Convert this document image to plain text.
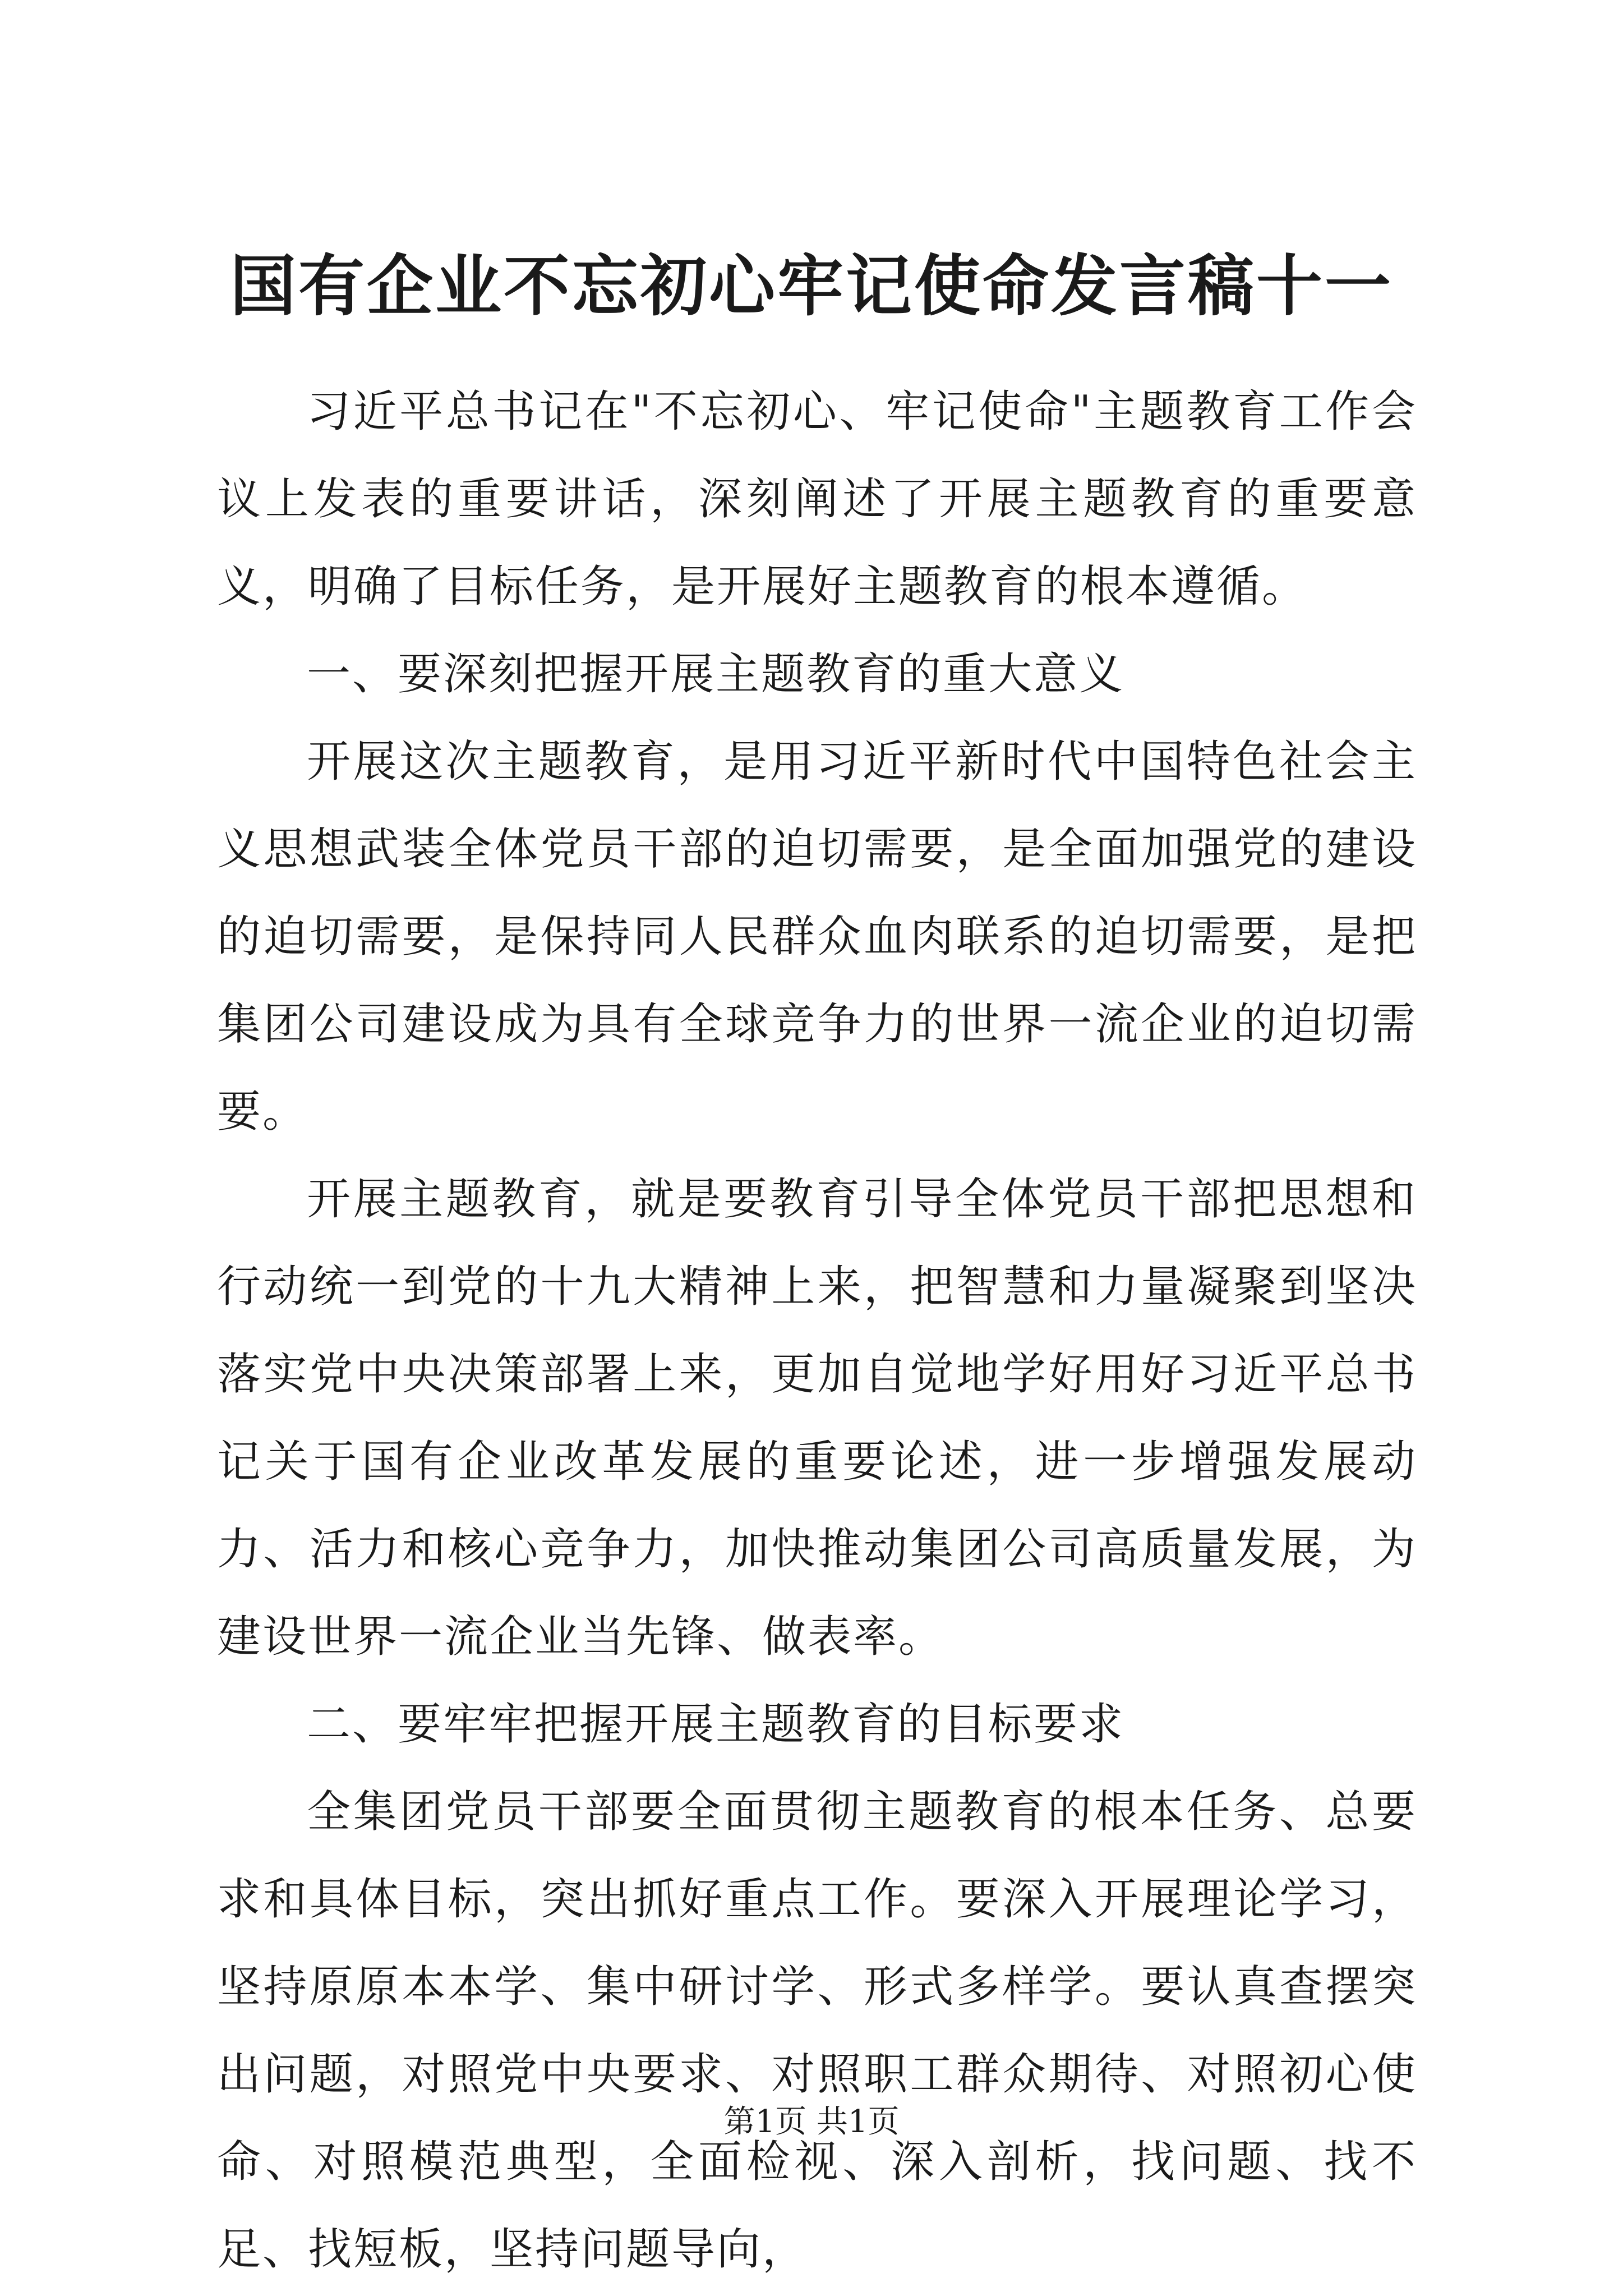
国有企业不忘初心牢记使命发言稿十一

习近平总书记在"不忘初心、牢记使命"主题教育工作会议上发表的重要讲话，深刻阐述了开展主题教育的重要意义，明确了目标任务，是开展好主题教育的根本遵循。

一、要深刻把握开展主题教育的重大意义

开展这次主题教育，是用习近平新时代中国特色社会主义思想武装全体党员干部的迫切需要，是全面加强党的建设的迫切需要，是保持同人民群众血肉联系的迫切需要，是把集团公司建设成为具有全球竞争力的世界一流企业的迫切需要。

开展主题教育，就是要教育引导全体党员干部把思想和行动统一到党的十九大精神上来，把智慧和力量凝聚到坚决落实党中央决策部署上来，更加自觉地学好用好习近平总书记关于国有企业改革发展的重要论述，进一步增强发展动力、活力和核心竞争力，加快推动集团公司高质量发展，为建设世界一流企业当先锋、做表率。

二、要牢牢把握开展主题教育的目标要求

全集团党员干部要全面贯彻主题教育的根本任务、总要求和具体目标，突出抓好重点工作。要深入开展理论学习，坚持原原本本学、集中研讨学、形式多样学。要认真查摆突出问题，对照党中央要求、对照职工群众期待、对照初心使命、对照模范典型，全面检视、深入剖析，找问题、找不足、找短板，坚持问题导向，

第1页 共1页
